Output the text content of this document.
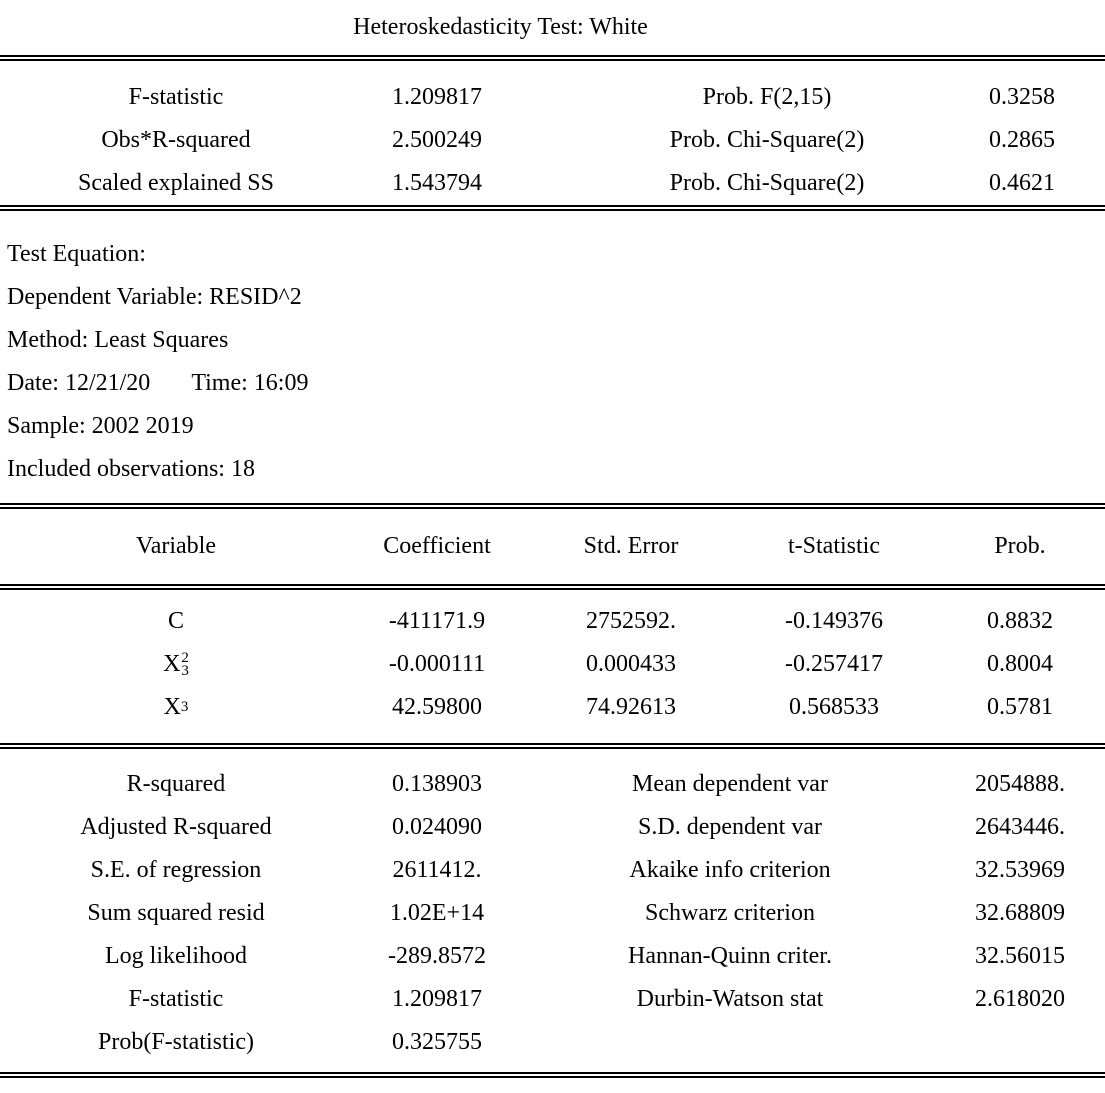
Heteroskedasticity Test: White
F-statistic	1.209817	Prob. F(2,15)	0.3258
Obs*R-squared	2.500249	Prob. Chi-Square(2)	0.2865
Scaled explained SS	1.543794	Prob. Chi-Square(2)	0.4621
Test Equation:
Dependent Variable: RESID^2
Method: Least Squares
Date: 12/21/20 Time: 16:09
Sample: 2002 2019
Included observations: 18
Variable	Coefficient	Std. Error	t-Statistic	Prob.
C	-411171.9	2752592.	-0.149376	0.8832
X 2
3	-0.000111	0.000433	-0.257417	0.8004
X 3	42.59800	74.92613	0.568533	0.5781
R-squared	0.138903	Mean dependent var	2054888.
Adjusted R-squared	0.024090	S.D. dependent var	2643446.
S.E. of regression	2611412.	Akaike info criterion	32.53969
Sum squared resid	1.02E+14	Schwarz criterion	32.68809
Log likelihood	-289.8572	Hannan-Quinn criter.	32.56015
F-statistic	1.209817	Durbin-Watson stat	2.618020
Prob(F-statistic)	0.325755
